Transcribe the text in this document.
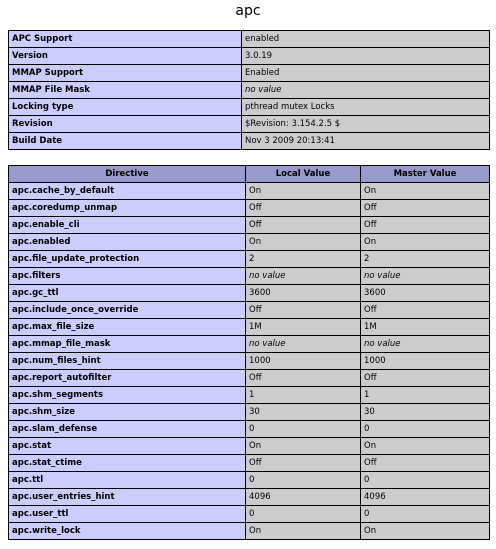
apc
APC Support	enabled
Version	3.0.19
MMAP Support	Enabled
MMAP File Mask	no value
Locking type	pthread mutex Locks
Revision	$Revision: 3.154.2.5 $
Build Date	Nov 3 2009 20:13:41
Directive	Local Value	Master Value
apc.cache_by_default	On	On
apc.coredump_unmap	Off	Off
apc.enable_cli	Off	Off
apc.enabled	On	On
apc.file_update_protection	2	2
apc.filters	no value	no value
apc.gc_ttl	3600	3600
apc.include_once_override	Off	Off
apc.max_file_size	1M	1M
apc.mmap_file_mask	no value	no value
apc.num_files_hint	1000	1000
apc.report_autofilter	Off	Off
apc.shm_segments	1	1
apc.shm_size	30	30
apc.slam_defense	0	0
apc.stat	On	On
apc.stat_ctime	Off	Off
apc.ttl	0	0
apc.user_entries_hint	4096	4096
apc.user_ttl	0	0
apc.write_lock	On	On
